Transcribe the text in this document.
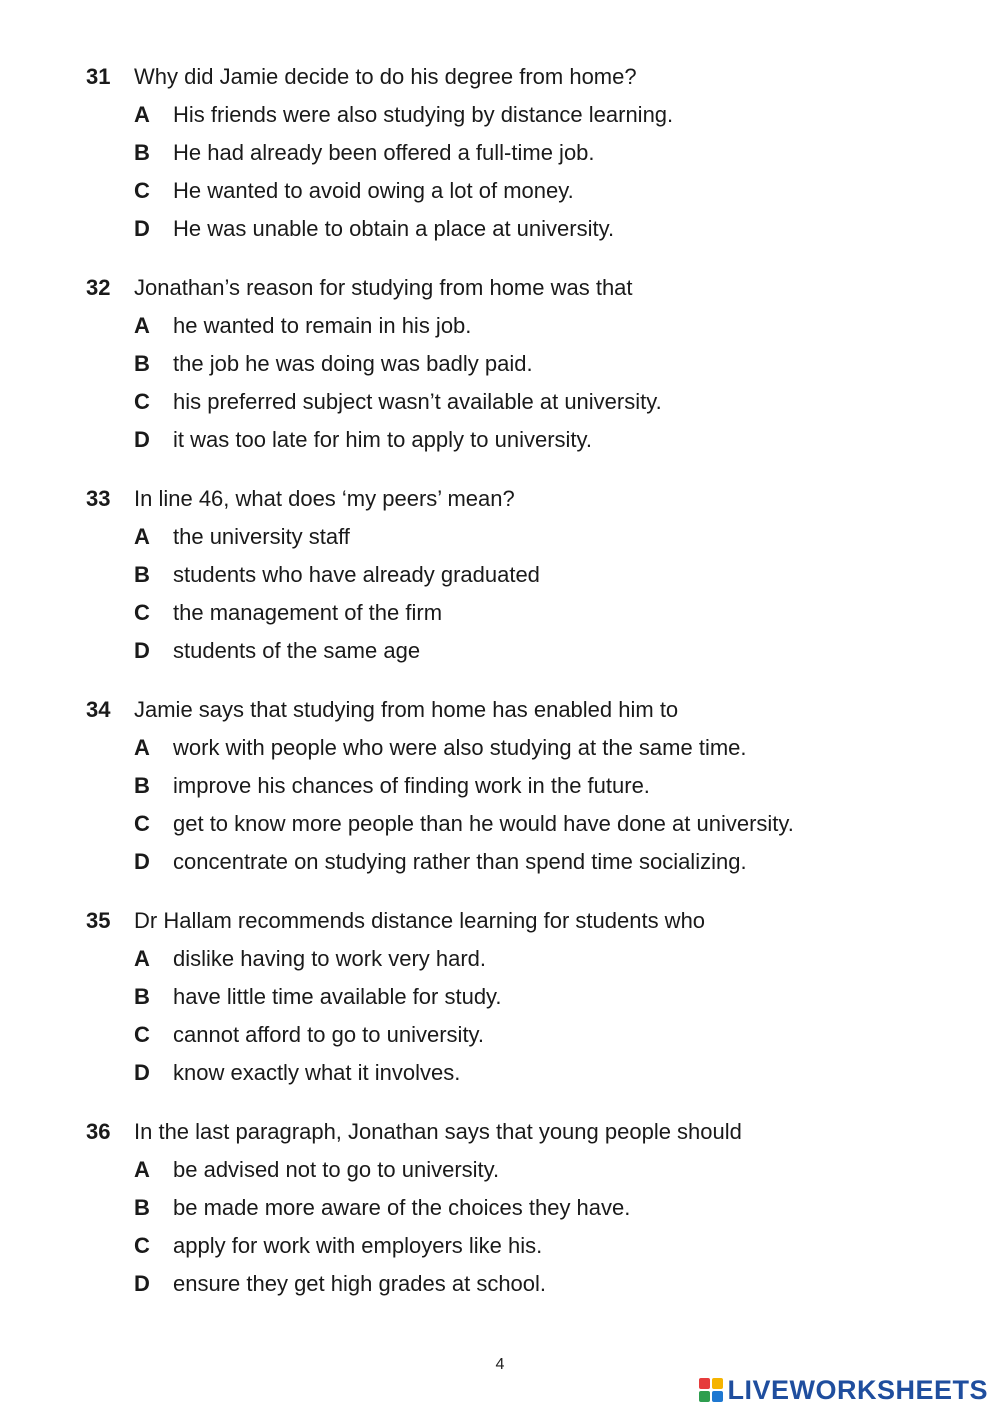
31	Why did Jamie decide to do his degree from home?
A	His friends were also studying by distance learning.
B	He had already been offered a full-time job.
C	He wanted to avoid owing a lot of money.
D	He was unable to obtain a place at university.
32	Jonathan’s reason for studying from home was that
A	he wanted to remain in his job.
B	the job he was doing was badly paid.
C	his preferred subject wasn’t available at university.
D	it was too late for him to apply to university.
33	In line 46, what does ‘my peers’ mean?
A	the university staff
B	students who have already graduated
C	the management of the firm
D	students of the same age
34	Jamie says that studying from home has enabled him to
A	work with people who were also studying at the same time.
B	improve his chances of finding work in the future.
C	get to know more people than he would have done at university.
D	concentrate on studying rather than spend time socializing.
35	Dr Hallam recommends distance learning for students who
A	dislike having to work very hard.
B	have little time available for study.
C	cannot afford to go to university.
D	know exactly what it involves.
36	In the last paragraph, Jonathan says that young people should
A	be advised not to go to university.
B	be made more aware of the choices they have.
C	apply for work with employers like his.
D	ensure they get high grades at school.
4
LIVEWORKSHEETS
